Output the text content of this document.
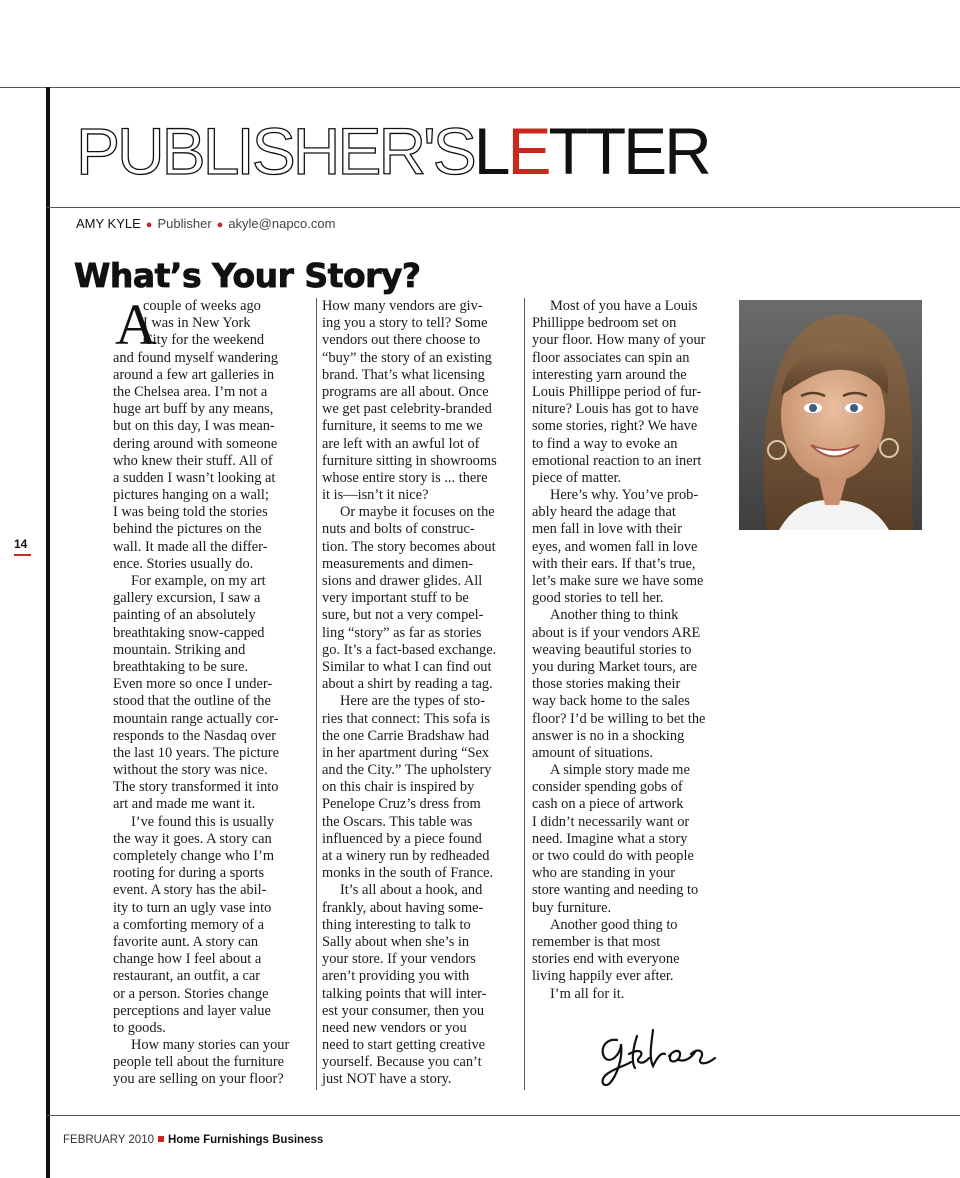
PUBLISHER'SLETTER
AMY KYLE ● Publisher ● akyle@napco.com
What’s Your Story?
14
A
couple of weeks ago
I was in New York
City for the weekend
and found myself wandering
around a few art galleries in
the Chelsea area. I’m not a
huge art buff by any means,
but on this day, I was mean-
dering around with someone
who knew their stuff. All of
a sudden I wasn’t looking at
pictures hanging on a wall;
I was being told the stories
behind the pictures on the
wall. It made all the differ-
ence. Stories usually do.
For example, on my art
gallery excursion, I saw a
painting of an absolutely
breathtaking snow-capped
mountain. Striking and
breathtaking to be sure.
Even more so once I under-
stood that the outline of the
mountain range actually cor-
responds to the Nasdaq over
the last 10 years. The picture
without the story was nice.
The story transformed it into
art and made me want it.
I’ve found this is usually
the way it goes. A story can
completely change who I’m
rooting for during a sports
event. A story has the abil-
ity to turn an ugly vase into
a comforting memory of a
favorite aunt. A story can
change how I feel about a
restaurant, an outfit, a car
or a person. Stories change
perceptions and layer value
to goods.
How many stories can your
people tell about the furniture
you are selling on your floor?
How many vendors are giv-
ing you a story to tell? Some
vendors out there choose to
“buy” the story of an existing
brand. That’s what licensing
programs are all about. Once
we get past celebrity-branded
furniture, it seems to me we
are left with an awful lot of
furniture sitting in showrooms
whose entire story is ... there
it is—isn’t it nice?
Or maybe it focuses on the
nuts and bolts of construc-
tion. The story becomes about
measurements and dimen-
sions and drawer glides. All
very important stuff to be
sure, but not a very compel-
ling “story” as far as stories
go. It’s a fact-based exchange.
Similar to what I can find out
about a shirt by reading a tag.
Here are the types of sto-
ries that connect: This sofa is
the one Carrie Bradshaw had
in her apartment during “Sex
and the City.” The upholstery
on this chair is inspired by
Penelope Cruz’s dress from
the Oscars. This table was
influenced by a piece found
at a winery run by redheaded
monks in the south of France.
It’s all about a hook, and
frankly, about having some-
thing interesting to talk to
Sally about when she’s in
your store. If your vendors
aren’t providing you with
talking points that will inter-
est your consumer, then you
need new vendors or you
need to start getting creative
yourself. Because you can’t
just NOT have a story.
Most of you have a Louis
Phillippe bedroom set on
your floor. How many of your
floor associates can spin an
interesting yarn around the
Louis Phillippe period of fur-
niture? Louis has got to have
some stories, right? We have
to find a way to evoke an
emotional reaction to an inert
piece of matter.
Here’s why. You’ve prob-
ably heard the adage that
men fall in love with their
eyes, and women fall in love
with their ears. If that’s true,
let’s make sure we have some
good stories to tell her.
Another thing to think
about is if your vendors ARE
weaving beautiful stories to
you during Market tours, are
those stories making their
way back home to the sales
floor? I’d be willing to bet the
answer is no in a shocking
amount of situations.
A simple story made me
consider spending gobs of
cash on a piece of artwork
I didn’t necessarily want or
need. Imagine what a story
or two could do with people
who are standing in your
store wanting and needing to
buy furniture.
Another good thing to
remember is that most
stories end with everyone
living happily ever after.
I’m all for it.
FEBRUARY 2010 Home Furnishings Business
